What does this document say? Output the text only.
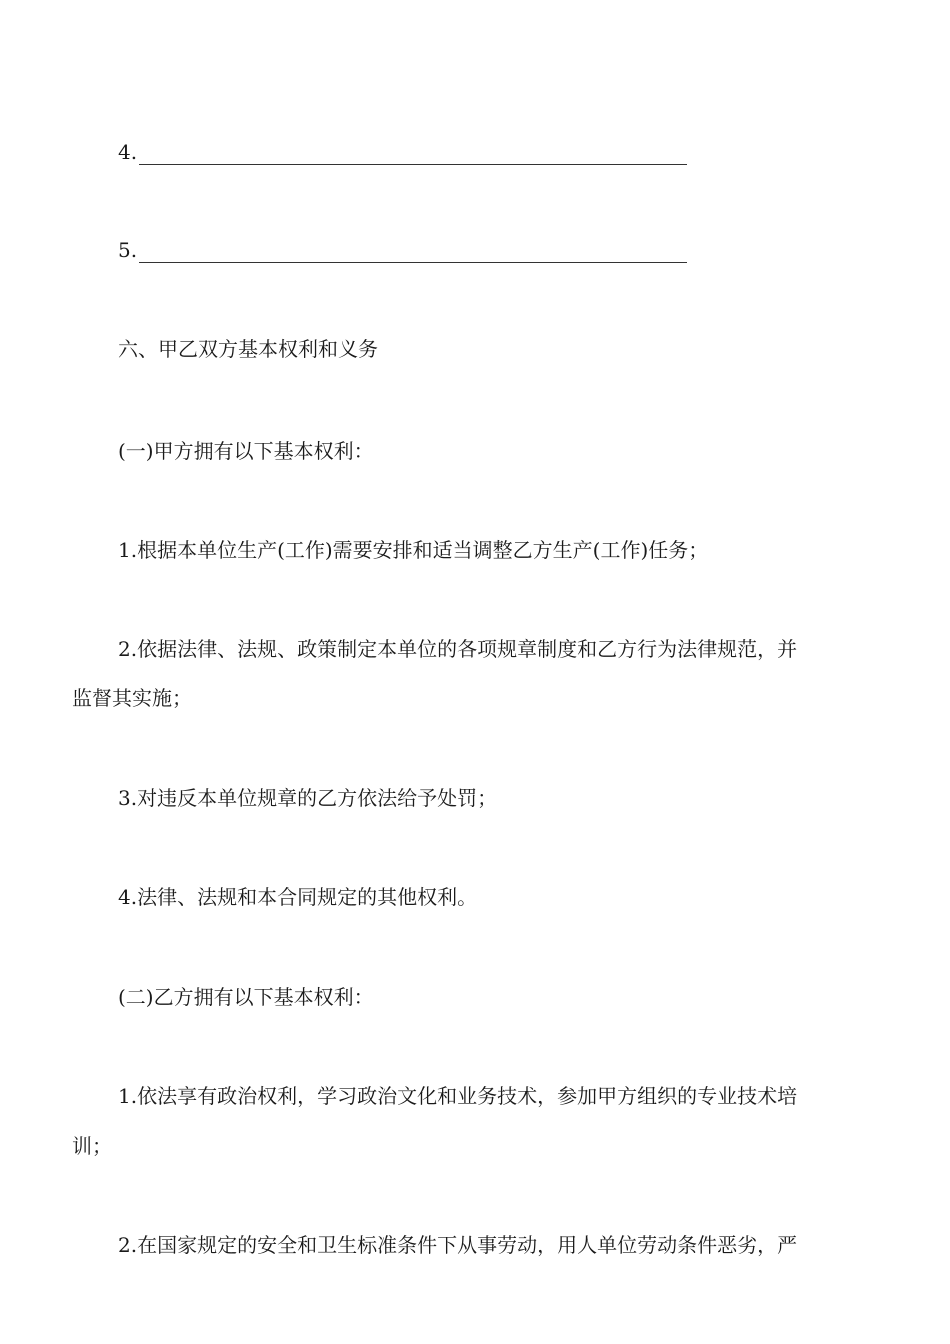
4.
5.
六、甲乙双方基本权利和义务
(一)甲方拥有以下基本权利：
1.根据本单位生产(工作)需要安排和适当调整乙方生产(工作)任务；
2.依据法律、法规、政策制定本单位的各项规章制度和乙方行为法律规范，并
监督其实施；
3.对违反本单位规章的乙方依法给予处罚；
4.法律、法规和本合同规定的其他权利。
(二)乙方拥有以下基本权利：
1.依法享有政治权利，学习政治文化和业务技术，参加甲方组织的专业技术培
训；
2.在国家规定的安全和卫生标准条件下从事劳动，用人单位劳动条件恶劣，严
